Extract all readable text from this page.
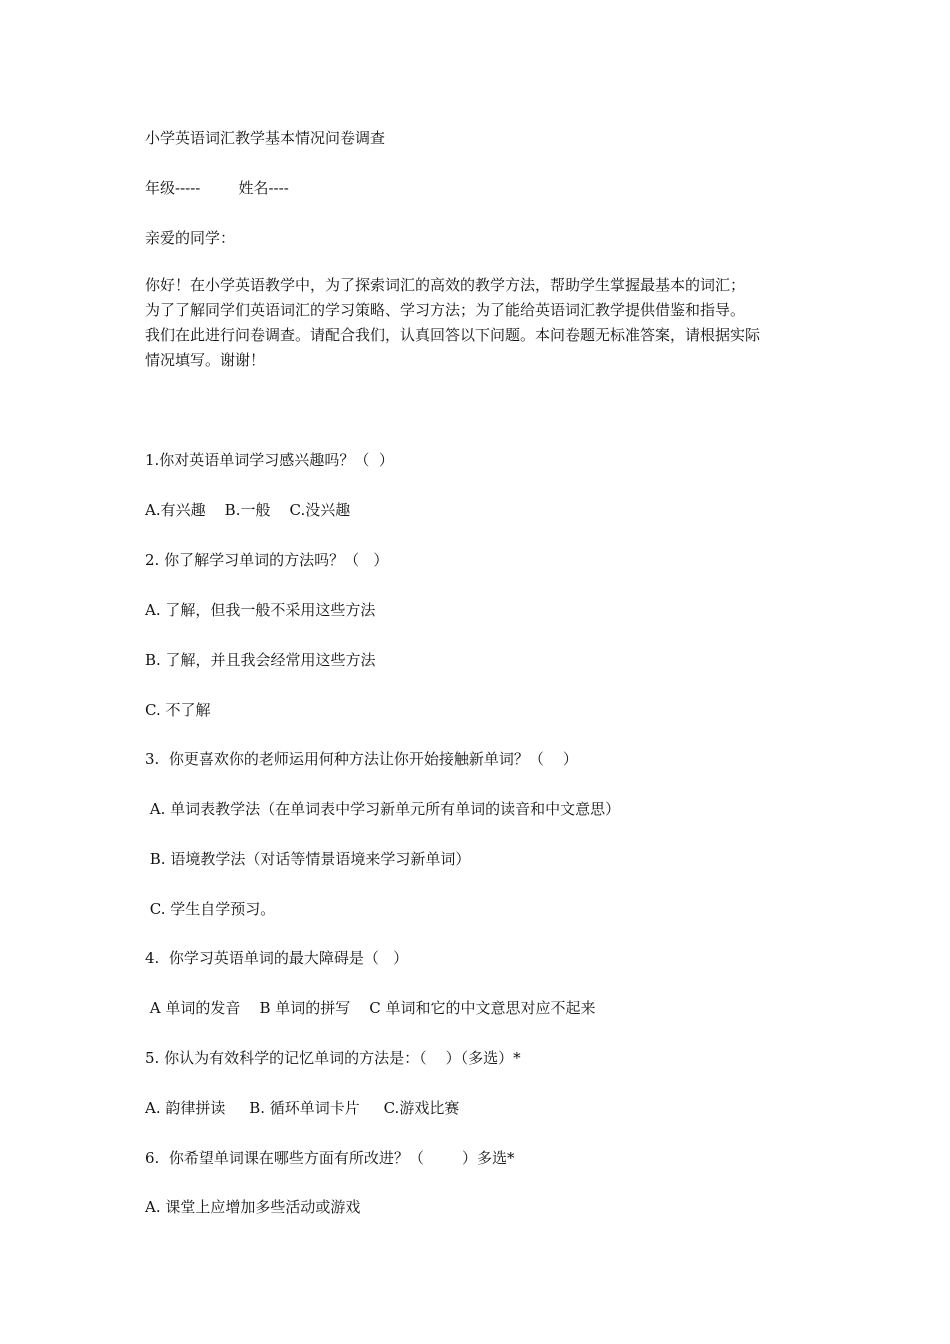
小学英语词汇教学基本情况问卷调查
年级-----        姓名----
亲爱的同学：
你好！在小学英语教学中，为了探索词汇的高效的教学方法，帮助学生掌握最基本的词汇；
为了了解同学们英语词汇的学习策略、学习方法；为了能给英语词汇教学提供借鉴和指导。
我们在此进行问卷调查。请配合我们，认真回答以下问题。本问卷题无标准答案，请根据实际
情况填写。谢谢！
1.你对英语单词学习感兴趣吗？（  ）
A.有兴趣    B.一般    C.没兴趣
2. 你了解学习单词的方法吗？（   ）
A. 了解，但我一般不采用这些方法
B. 了解，并且我会经常用这些方法
C. 不了解
3.  你更喜欢你的老师运用何种方法让你开始接触新单词？（    ）
A. 单词表教学法（在单词表中学习新单元所有单词的读音和中文意思）
B. 语境教学法（对话等情景语境来学习新单词）
C. 学生自学预习。
4.  你学习英语单词的最大障碍是（   ）
A 单词的发音    B 单词的拼写    C 单词和它的中文意思对应不起来
5. 你认为有效科学的记忆单词的方法是：（    ）（多选）*
A. 韵律拼读     B. 循环单词卡片     C.游戏比赛
6.  你希望单词课在哪些方面有所改进？（        ）多选*
A. 课堂上应增加多些活动或游戏
